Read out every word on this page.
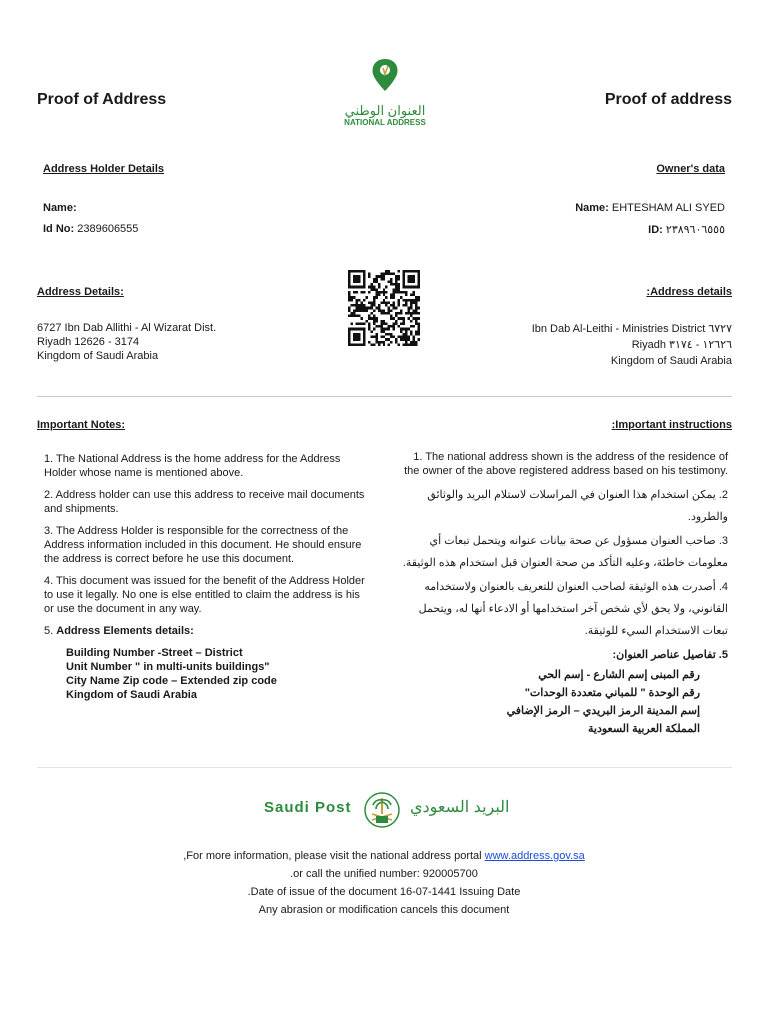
Proof of Address	Proof of address
العنوان الوطني
NATIONAL ADDRESS
Address Holder Details	Owner's data
Name:	Name: EHTESHAM ALI SYED
Id No: 2389606555	ID: ٢٣٨٩٦٠٦٥٥٥
Address Details:	Address details:
6727 Ibn Dab Allithi - Al Wizarat Dist.
Riyadh 12626 - 3174
Kingdom of Saudi Arabia
Ibn Dab Al-Leithi - Ministries District ٦٧٢٧
Riyadh ١٢٦٢٦ - ٣١٧٤
Kingdom of Saudi Arabia
Important Notes:	Important instructions:
1. The National Address is the home address for the Address Holder whose name is mentioned above.
2. Address holder can use this address to receive mail documents and shipments.
3. The Address Holder is responsible for the correctness of the Address information included in this document. He should ensure the address is correct before he use this document.
4. This document was issued for the benefit of the Address Holder to use it legally. No one is else entitled to claim the address is his or use the document in any way.
5. Address Elements details:
Building Number -Street – District
Unit Number " in multi-units buildings"
City Name Zip code – Extended zip code
Kingdom of Saudi Arabia
1. The national address shown is the address of the residence of the owner of the above registered address based on his testimony.
2. يمكن استخدام هذا العنوان في المراسلات لاستلام البريد والوثائق والطرود.
3. صاحب العنوان مسؤول عن صحة بيانات عنوانه ويتحمل تبعات أي معلومات خاطئة، وعليه التأكد من صحة العنوان قبل استخدام هذه الوثيقة.
4. أصدرت هذه الوثيقة لصاحب العنوان للتعريف بالعنوان ولاستخدامه القانوني، ولا يحق لأي شخص آخر استخدامها أو الادعاء أنها له، ويتحمل تبعات الاستخدام السيء للوثيقة.
5. تفاصيل عناصر العنوان:
رقم المبنى إسم الشارع - إسم الحي
رقم الوحدة " للمباني متعددة الوحدات"
إسم المدينة الرمز البريدي – الرمز الإضافي
المملكة العربية السعودية
Saudi Post	البريد السعودي
,For more information, please visit the national address portal www.address.gov.sa
.or call the unified number: 920005700
.Date of issue of the document 16-07-1441 Issuing Date
Any abrasion or modification cancels this document
